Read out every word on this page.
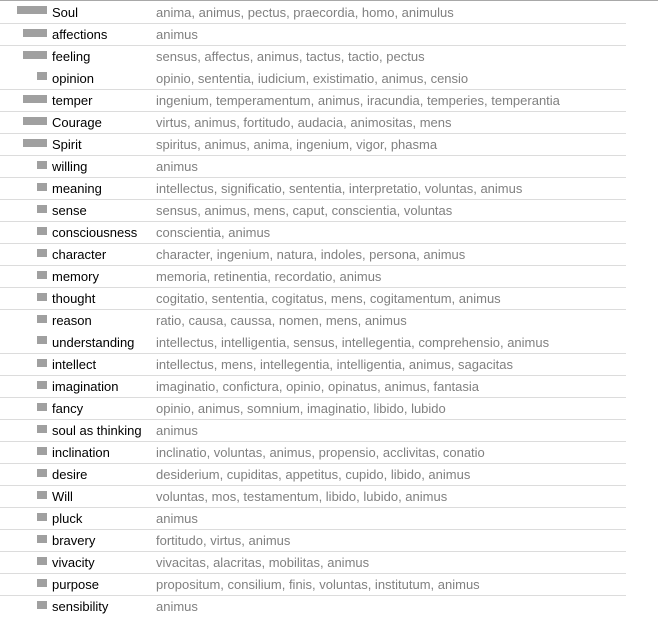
Soul	anima, animus, pectus, praecordia, homo, animulus
affections	animus
feeling	sensus, affectus, animus, tactus, tactio, pectus
opinion	opinio, sententia, iudicium, existimatio, animus, censio
temper	ingenium, temperamentum, animus, iracundia, temperies, temperantia
Courage	virtus, animus, fortitudo, audacia, animositas, mens
Spirit	spiritus, animus, anima, ingenium, vigor, phasma
willing	animus
meaning	intellectus, significatio, sententia, interpretatio, voluntas, animus
sense	sensus, animus, mens, caput, conscientia, voluntas
consciousness	conscientia, animus
character	character, ingenium, natura, indoles, persona, animus
memory	memoria, retinentia, recordatio, animus
thought	cogitatio, sententia, cogitatus, mens, cogitamentum, animus
reason	ratio, causa, caussa, nomen, mens, animus
understanding	intellectus, intelligentia, sensus, intellegentia, comprehensio, animus
intellect	intellectus, mens, intellegentia, intelligentia, animus, sagacitas
imagination	imaginatio, confictura, opinio, opinatus, animus, fantasia
fancy	opinio, animus, somnium, imaginatio, libido, lubido
soul as thinking	animus
inclination	inclinatio, voluntas, animus, propensio, acclivitas, conatio
desire	desiderium, cupiditas, appetitus, cupido, libido, animus
Will	voluntas, mos, testamentum, libido, lubido, animus
pluck	animus
bravery	fortitudo, virtus, animus
vivacity	vivacitas, alacritas, mobilitas, animus
purpose	propositum, consilium, finis, voluntas, institutum, animus
sensibility	animus
